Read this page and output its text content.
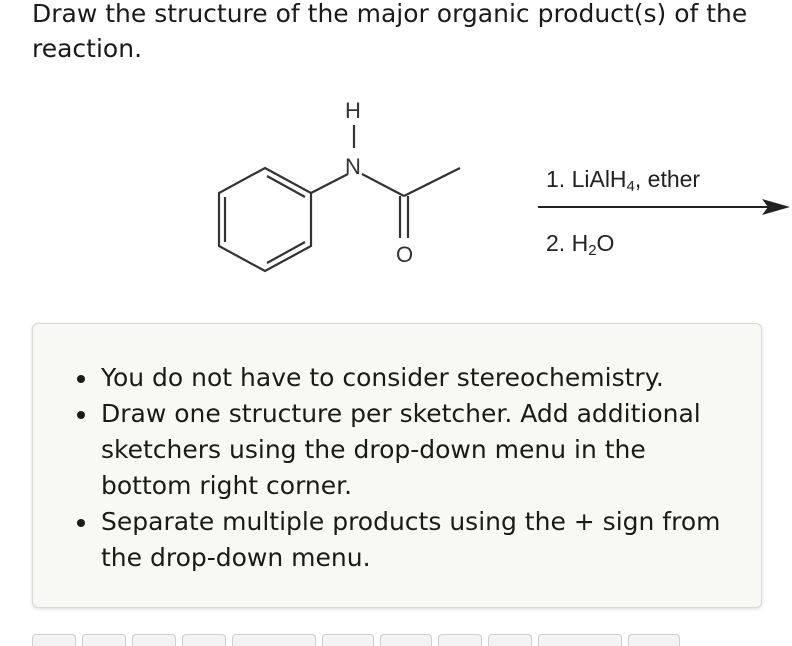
Draw the structure of the major organic product(s) of the reaction.
H
N
O
1. LiAlH$_4$, ether
2. $H_2O$
You do not have to consider stereochemistry.
Draw one structure per sketcher. Add additional sketchers using the drop-down menu in the bottom right corner.
Separate multiple products using the + sign from the drop-down menu.
